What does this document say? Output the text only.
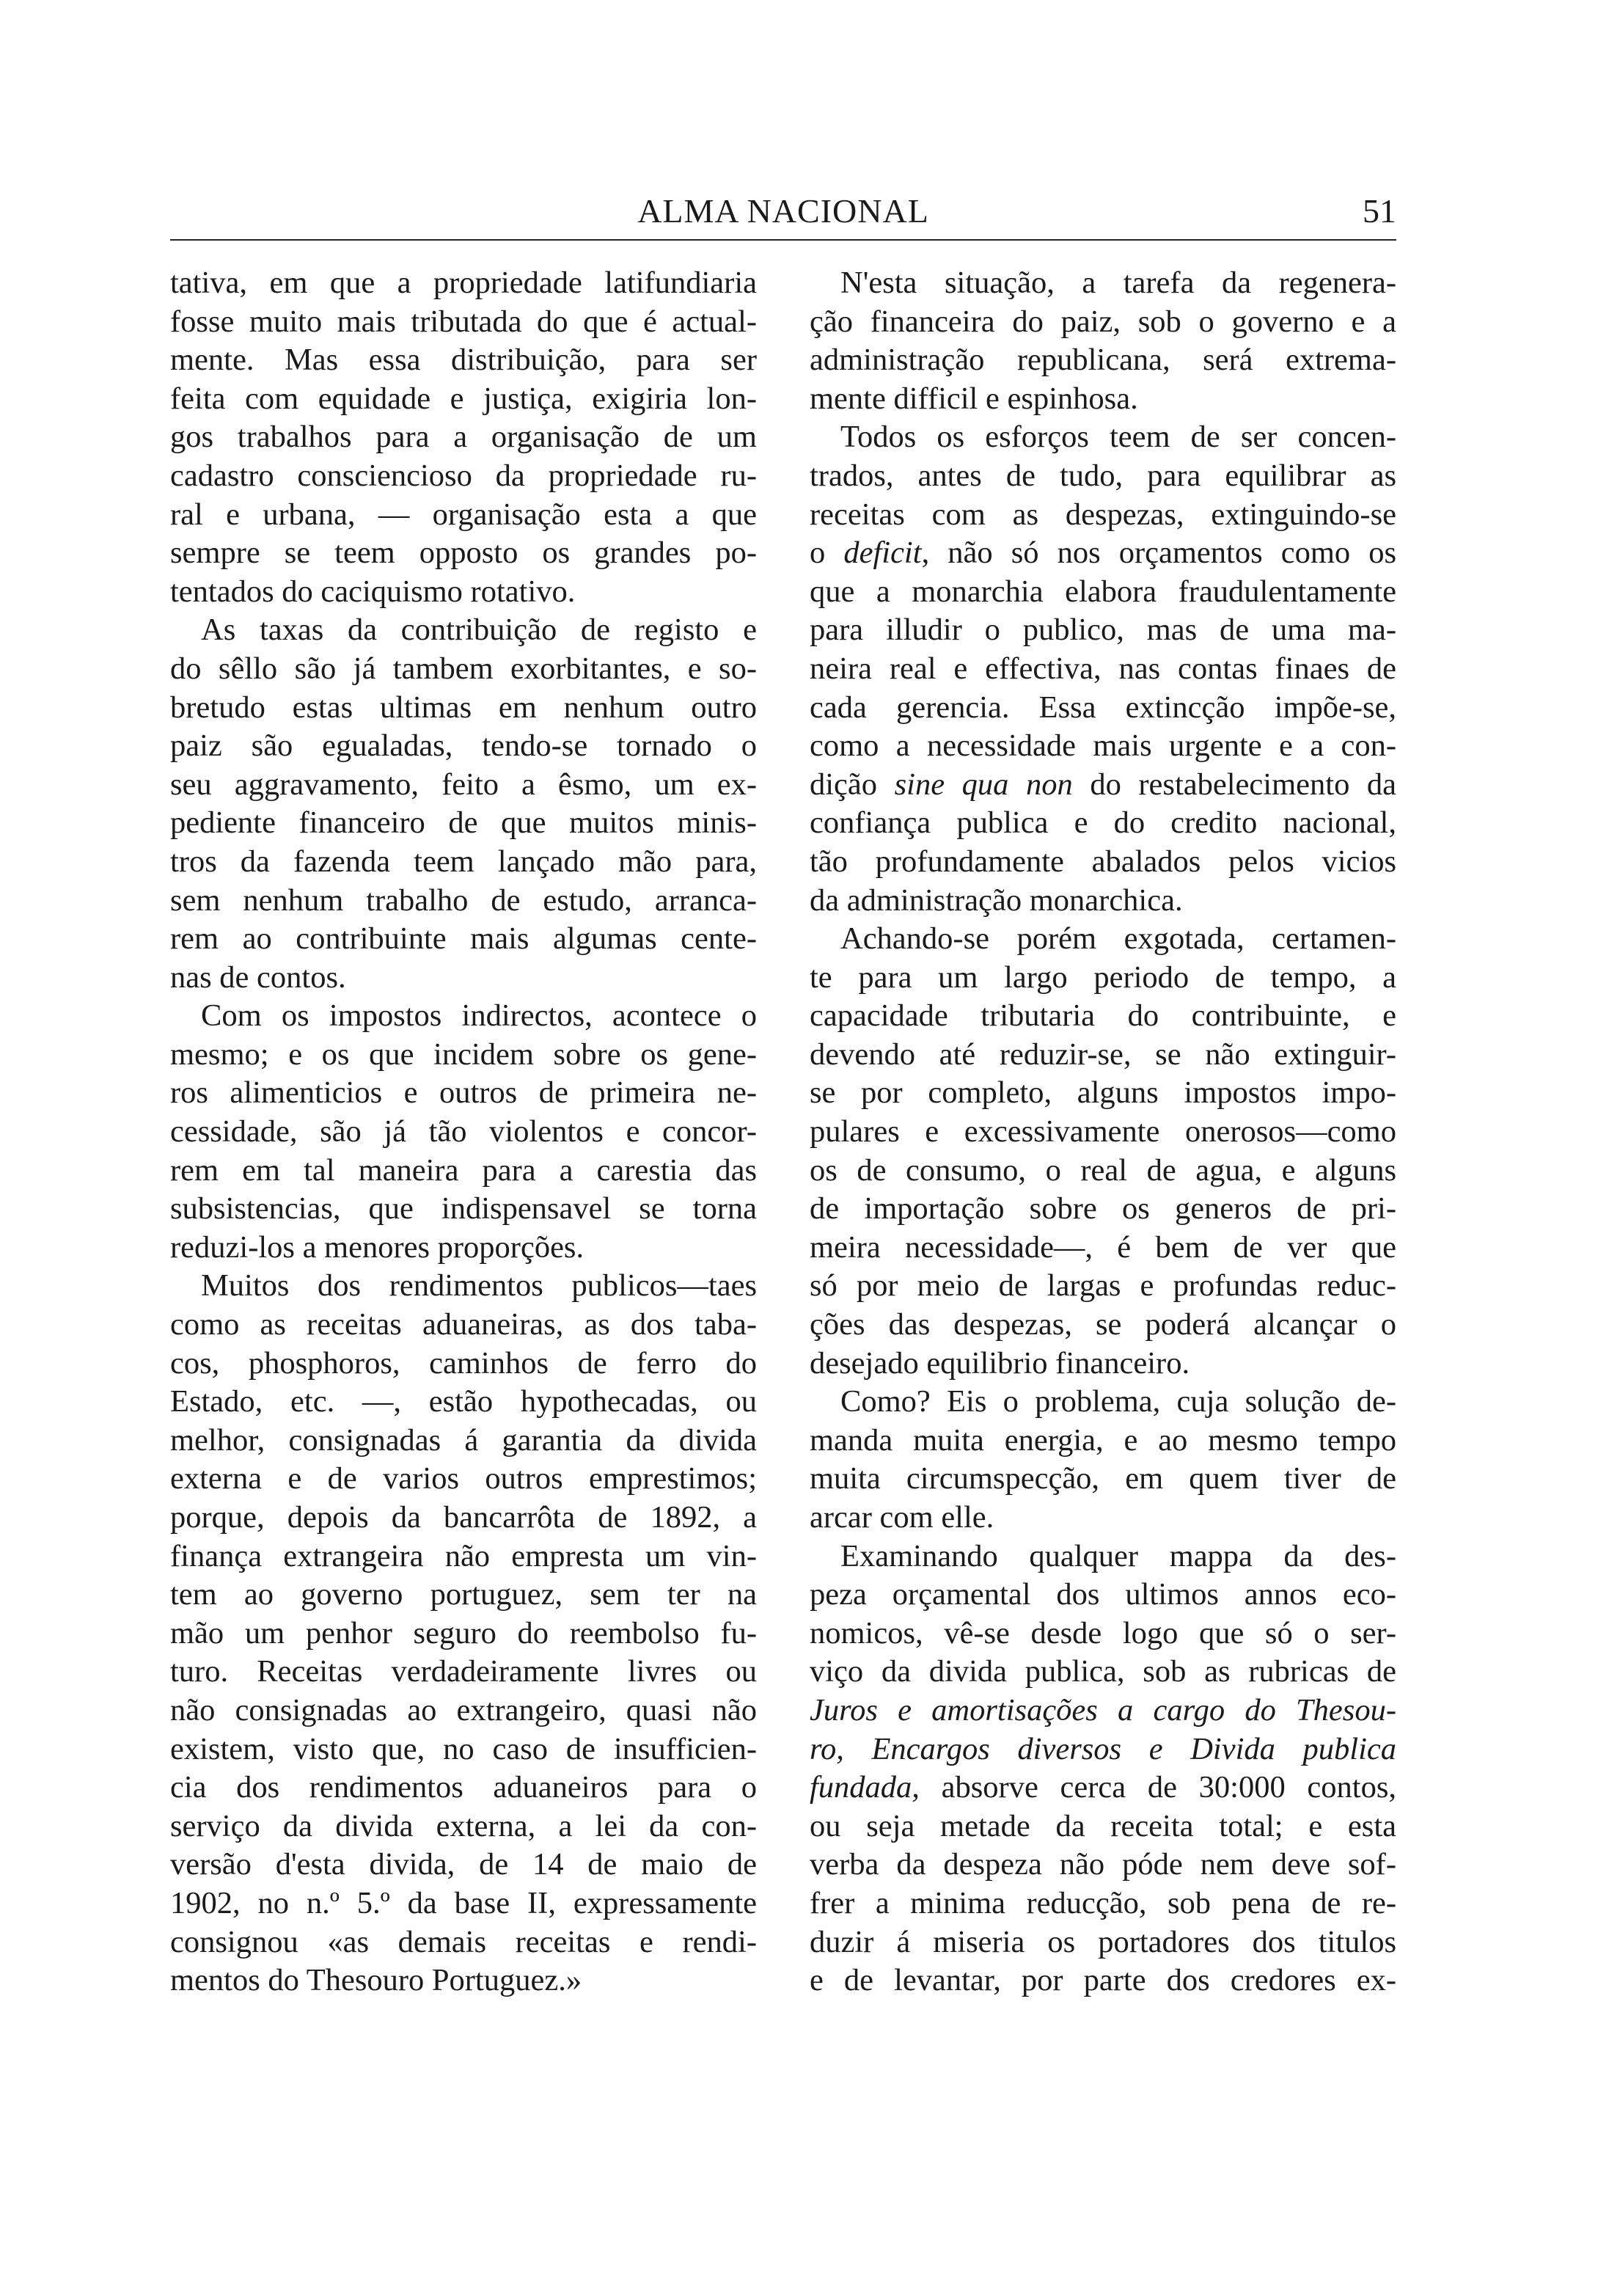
ALMA NACIONAL	51
tativa, em que a propriedade latifundiaria
fosse muito mais tributada do que é actual-
mente. Mas essa distribuição, para ser
feita com equidade e justiça, exigiria lon-
gos trabalhos para a organisação de um
cadastro consciencioso da propriedade ru-
ral e urbana, — organisação esta a que
sempre se teem opposto os grandes po-
tentados do caciquismo rotativo.
As taxas da contribuição de registo e
do sêllo são já tambem exorbitantes, e so-
bretudo estas ultimas em nenhum outro
paiz são egualadas, tendo-se tornado o
seu aggravamento, feito a êsmo, um ex-
pediente financeiro de que muitos minis-
tros da fazenda teem lançado mão para,
sem nenhum trabalho de estudo, arranca-
rem ao contribuinte mais algumas cente-
nas de contos.
Com os impostos indirectos, acontece o
mesmo; e os que incidem sobre os gene-
ros alimenticios e outros de primeira ne-
cessidade, são já tão violentos e concor-
rem em tal maneira para a carestia das
subsistencias, que indispensavel se torna
reduzi-los a menores proporções.
Muitos dos rendimentos publicos—taes
como as receitas aduaneiras, as dos taba-
cos, phosphoros, caminhos de ferro do
Estado, etc. —, estão hypothecadas, ou
melhor, consignadas á garantia da divida
externa e de varios outros emprestimos;
porque, depois da bancarrôta de 1892, a
finança extrangeira não empresta um vin-
tem ao governo portuguez, sem ter na
mão um penhor seguro do reembolso fu-
turo. Receitas verdadeiramente livres ou
não consignadas ao extrangeiro, quasi não
existem, visto que, no caso de insufficien-
cia dos rendimentos aduaneiros para o
serviço da divida externa, a lei da con-
versão d'esta divida, de 14 de maio de
1902, no n.º 5.º da base II, expressamente
consignou «as demais receitas e rendi-
mentos do Thesouro Portuguez.»
N'esta situação, a tarefa da regenera-
ção financeira do paiz, sob o governo e a
administração republicana, será extrema-
mente difficil e espinhosa.
Todos os esforços teem de ser concen-
trados, antes de tudo, para equilibrar as
receitas com as despezas, extinguindo-se
o deficit, não só nos orçamentos como os
que a monarchia elabora fraudulentamente
para illudir o publico, mas de uma ma-
neira real e effectiva, nas contas finaes de
cada gerencia. Essa extincção impõe-se,
como a necessidade mais urgente e a con-
dição sine qua non do restabelecimento da
confiança publica e do credito nacional,
tão profundamente abalados pelos vicios
da administração monarchica.
Achando-se porém exgotada, certamen-
te para um largo periodo de tempo, a
capacidade tributaria do contribuinte, e
devendo até reduzir-se, se não extinguir-
se por completo, alguns impostos impo-
pulares e excessivamente onerosos—como
os de consumo, o real de agua, e alguns
de importação sobre os generos de pri-
meira necessidade—, é bem de ver que
só por meio de largas e profundas reduc-
ções das despezas, se poderá alcançar o
desejado equilibrio financeiro.
Como? Eis o problema, cuja solução de-
manda muita energia, e ao mesmo tempo
muita circumspecção, em quem tiver de
arcar com elle.
Examinando qualquer mappa da des-
peza orçamental dos ultimos annos eco-
nomicos, vê-se desde logo que só o ser-
viço da divida publica, sob as rubricas de
Juros e amortisações a cargo do Thesou-
ro, Encargos diversos e Divida publica
fundada, absorve cerca de 30:000 contos,
ou seja metade da receita total; e esta
verba da despeza não póde nem deve sof-
frer a minima reducção, sob pena de re-
duzir á miseria os portadores dos titulos
e de levantar, por parte dos credores ex-
